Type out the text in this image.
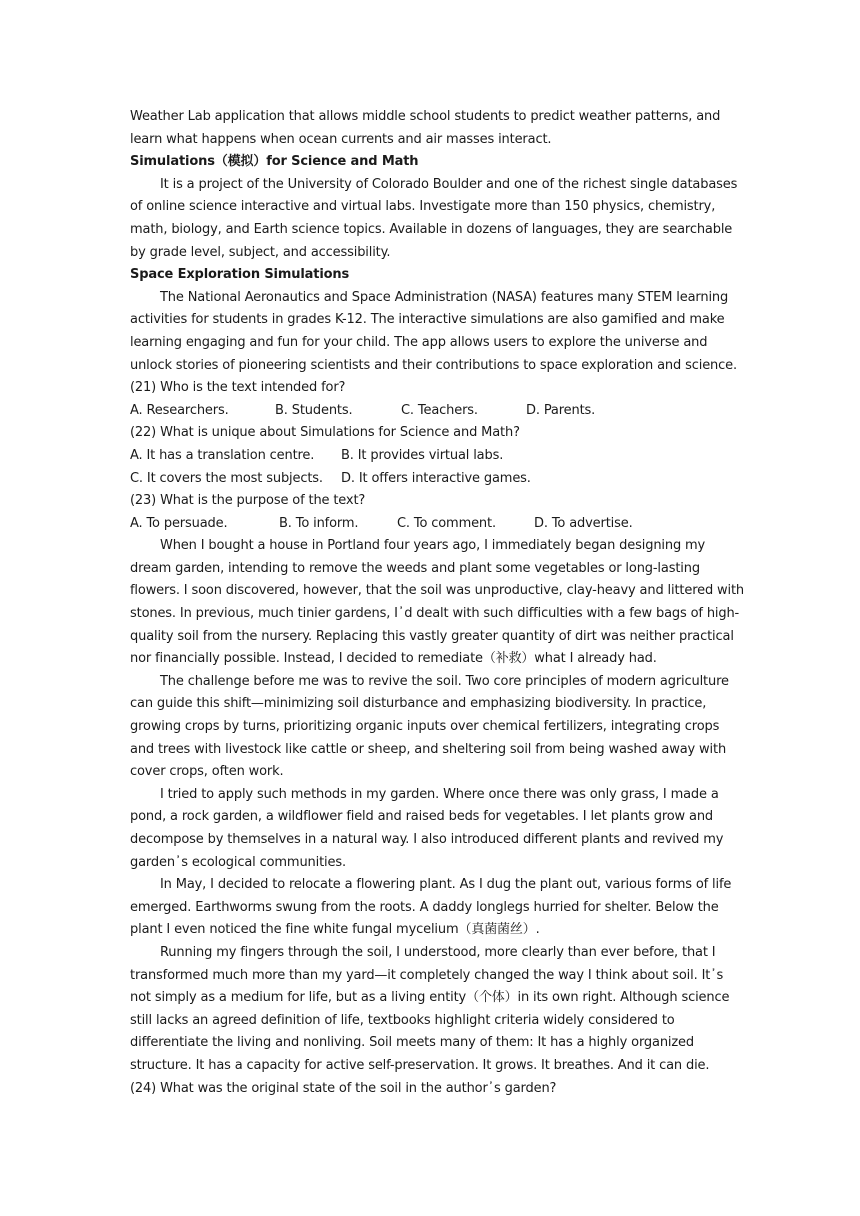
Weather Lab application that allows middle school students to predict weather patterns, and
learn what happens when ocean currents and air masses interact.
Simulations（模拟）for Science and Math
It is a project of the University of Colorado Boulder and one of the richest single databases
of online science interactive and virtual labs. Investigate more than 150 physics, chemistry,
math, biology, and Earth science topics. Available in dozens of languages, they are searchable
by grade level, subject, and accessibility.
Space Exploration Simulations
The National Aeronautics and Space Administration (NASA) features many STEM learning
activities for students in grades K-12. The interactive simulations are also gamified and make
learning engaging and fun for your child. The app allows users to explore the universe and
unlock stories of pioneering scientists and their contributions to space exploration and science.
(21) Who is the text intended for?
A. Researchers.	B. Students.	C. Teachers.	D. Parents.
(22) What is unique about Simulations for Science and Math?
A. It has a translation centre.	B. It provides virtual labs.
C. It covers the most subjects.	D. It offers interactive games.
(23) What is the purpose of the text?
A. To persuade.	B. To inform.	C. To comment.	D. To advertise.
When I bought a house in Portland four years ago, I immediately began designing my
dream garden, intending to remove the weeds and plant some vegetables or long-lasting
flowers. I soon discovered, however, that the soil was unproductive, clay-heavy and littered with
stones. In previous, much tinier gardens, I᾿d dealt with such difficulties with a few bags of high-
quality soil from the nursery. Replacing this vastly greater quantity of dirt was neither practical
nor financially possible. Instead, I decided to remediate（补救）what I already had.
The challenge before me was to revive the soil. Two core principles of modern agriculture
can guide this shift—minimizing soil disturbance and emphasizing biodiversity. In practice,
growing crops by turns, prioritizing organic inputs over chemical fertilizers, integrating crops
and trees with livestock like cattle or sheep, and sheltering soil from being washed away with
cover crops, often work.
I tried to apply such methods in my garden. Where once there was only grass, I made a
pond, a rock garden, a wildflower field and raised beds for vegetables. I let plants grow and
decompose by themselves in a natural way. I also introduced different plants and revived my
garden᾿s ecological communities.
In May, I decided to relocate a flowering plant. As I dug the plant out, various forms of life
emerged. Earthworms swung from the roots. A daddy longlegs hurried for shelter. Below the
plant I even noticed the fine white fungal mycelium（真菌菌丝）.
Running my fingers through the soil, I understood, more clearly than ever before, that I
transformed much more than my yard—it completely changed the way I think about soil. It᾿s
not simply as a medium for life, but as a living entity（个体）in its own right. Although science
still lacks an agreed definition of life, textbooks highlight criteria widely considered to
differentiate the living and nonliving. Soil meets many of them: It has a highly organized
structure. It has a capacity for active self-preservation. It grows. It breathes. And it can die.
(24) What was the original state of the soil in the author᾿s garden?
